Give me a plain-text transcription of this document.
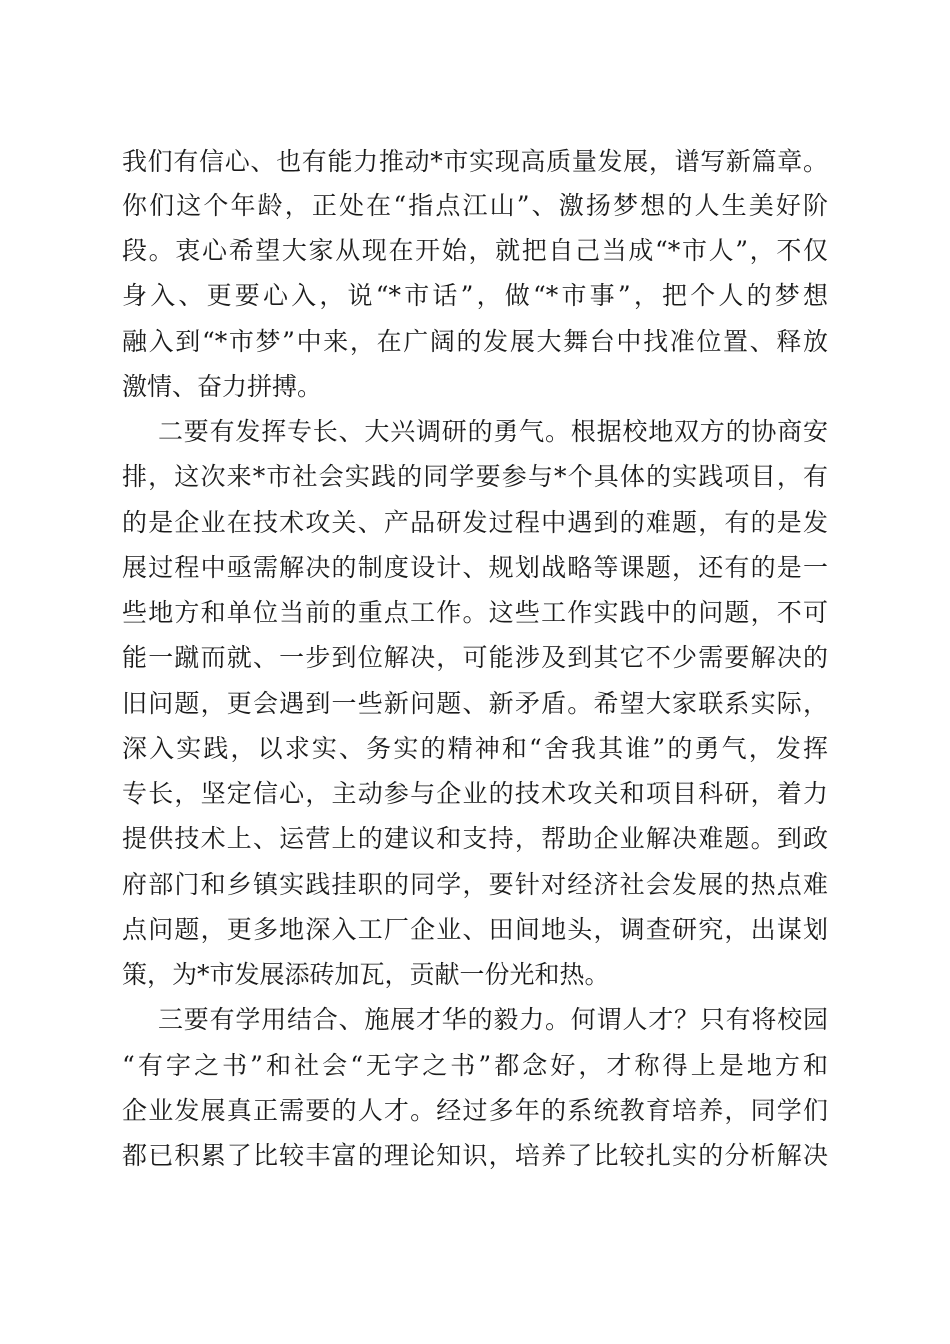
我们有信心、也有能力推动*市实现高质量发展，谱写新篇章。
你们这个年龄，正处在“指点江山”、激扬梦想的人生美好阶
段。衷心希望大家从现在开始，就把自己当成“*市人”，不仅
身入、更要心入，说“*市话”，做“*市事”，把个人的梦想
融入到“*市梦”中来，在广阔的发展大舞台中找准位置、释放
激情、奋力拼搏。
二要有发挥专长、大兴调研的勇气。根据校地双方的协商安
排，这次来*市社会实践的同学要参与*个具体的实践项目，有
的是企业在技术攻关、产品研发过程中遇到的难题，有的是发
展过程中亟需解决的制度设计、规划战略等课题，还有的是一
些地方和单位当前的重点工作。这些工作实践中的问题，不可
能一蹴而就、一步到位解决，可能涉及到其它不少需要解决的
旧问题，更会遇到一些新问题、新矛盾。希望大家联系实际，
深入实践，以求实、务实的精神和“舍我其谁”的勇气，发挥
专长，坚定信心，主动参与企业的技术攻关和项目科研，着力
提供技术上、运营上的建议和支持，帮助企业解决难题。到政
府部门和乡镇实践挂职的同学，要针对经济社会发展的热点难
点问题，更多地深入工厂企业、田间地头，调查研究，出谋划
策，为*市发展添砖加瓦，贡献一份光和热。
三要有学用结合、施展才华的毅力。何谓人才？只有将校园
“有字之书”和社会“无字之书”都念好，才称得上是地方和
企业发展真正需要的人才。经过多年的系统教育培养，同学们
都已积累了比较丰富的理论知识，培养了比较扎实的分析解决
